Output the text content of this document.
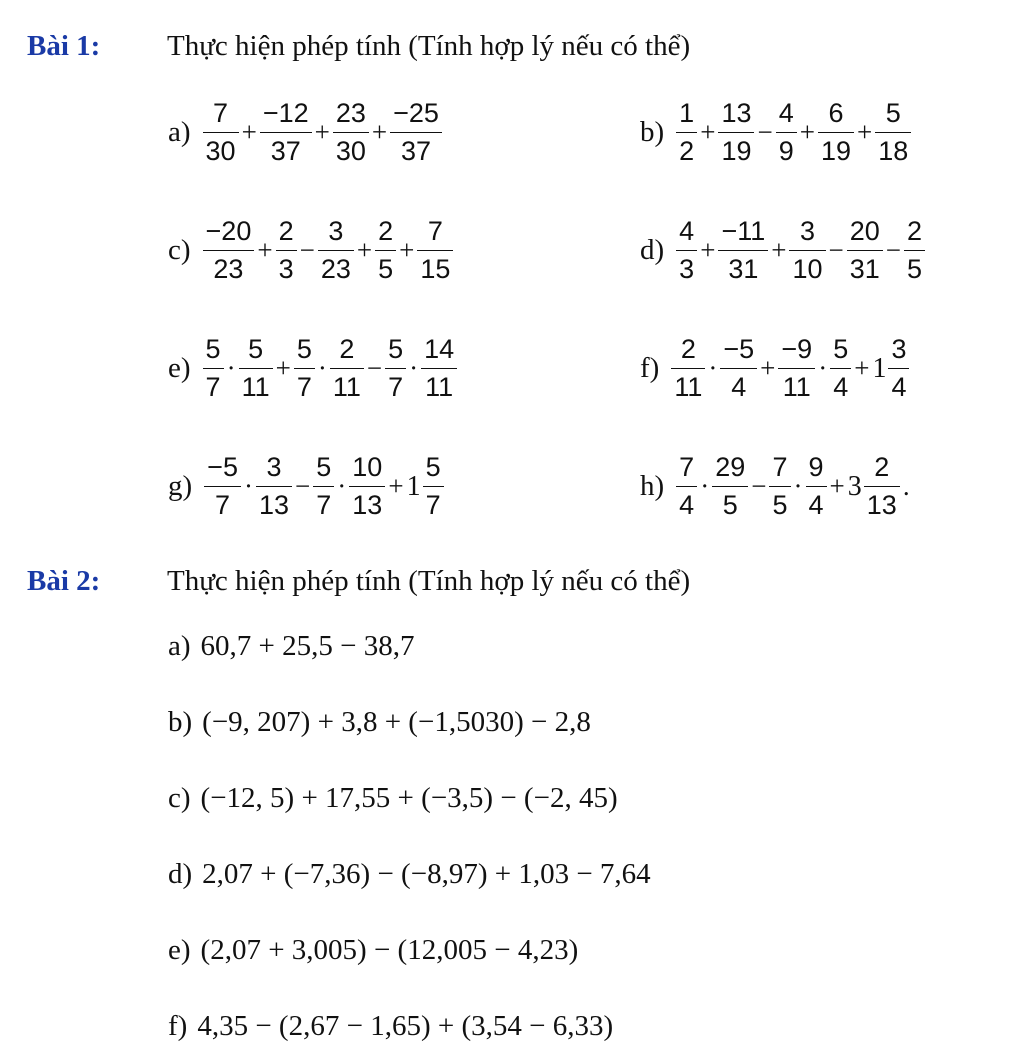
Bài 1: Thực hiện phép tính (Tính hợp lý nếu có thể)
$a) \frac{7}{30} + \frac{-12}{37} + \frac{23}{30} + \frac{-25}{37}$	$b) \frac{1}{2} + \frac{13}{19} - \frac{4}{9} + \frac{6}{19} + \frac{5}{18}$
$c) \frac{-20}{23} + \frac{2}{3} - \frac{3}{23} + \frac{2}{5} + \frac{7}{15}$	$d) \frac{4}{3} + \frac{-11}{31} + \frac{3}{10} - \frac{20}{31} - \frac{2}{5}$
$e) \frac{5}{7} \cdot \frac{5}{11} + \frac{5}{7} \cdot \frac{2}{11} - \frac{5}{7} \cdot \frac{14}{11}$	$f) \frac{2}{11} \cdot \frac{-5}{4} + \frac{-9}{11} \cdot \frac{5}{4} + 1 \frac{3}{4}$
$g) \frac{-5}{7} \cdot \frac{3}{13} - \frac{5}{7} \cdot \frac{10}{13} + 1 \frac{5}{7}$	$h) \frac{7}{4} \cdot \frac{29}{5} - \frac{7}{5} \cdot \frac{9}{4} + 3 \frac{2}{13}$ .
Bài 2: Thực hiện phép tính (Tính hợp lý nếu có thể)
a) 60,7 + 25,5 − 38,7
b) (−9, 207) + 3,8 + (−1,5030) − 2,8
c) (−12, 5) + 17,55 + (−3,5) − (−2, 45)
d) 2,07 + (−7,36) − (−8,97) + 1,03 − 7,64
e) (2,07 + 3,005) − (12,005 − 4,23)
f) 4,35 − (2,67 − 1,65) + (3,54 − 6,33)
